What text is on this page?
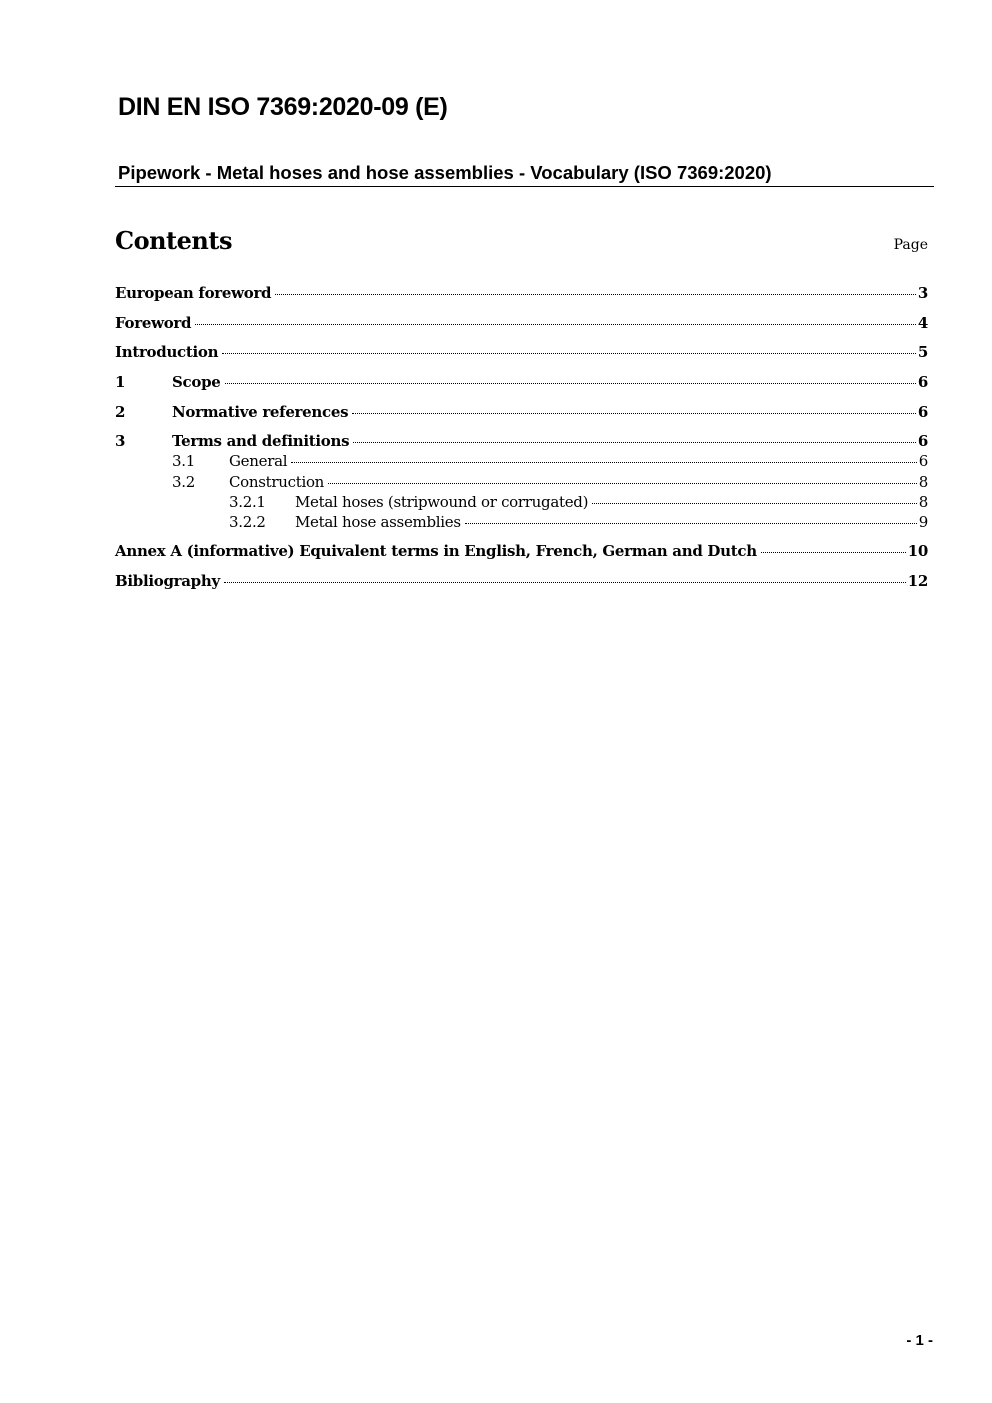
DIN EN ISO 7369:2020-09 (E)
Pipework - Metal hoses and hose assemblies - Vocabulary (ISO 7369:2020)
Contents	Page
European foreword	3
Foreword	4
Introduction	5
1	Scope	6
2	Normative references	6
3	Terms and definitions	6
3.1	General	6
3.2	Construction	8
3.2.1	Metal hoses (stripwound or corrugated)	8
3.2.2	Metal hose assemblies	9
Annex A (informative) Equivalent terms in English, French, German and Dutch	10
Bibliography	12
- 1 -
